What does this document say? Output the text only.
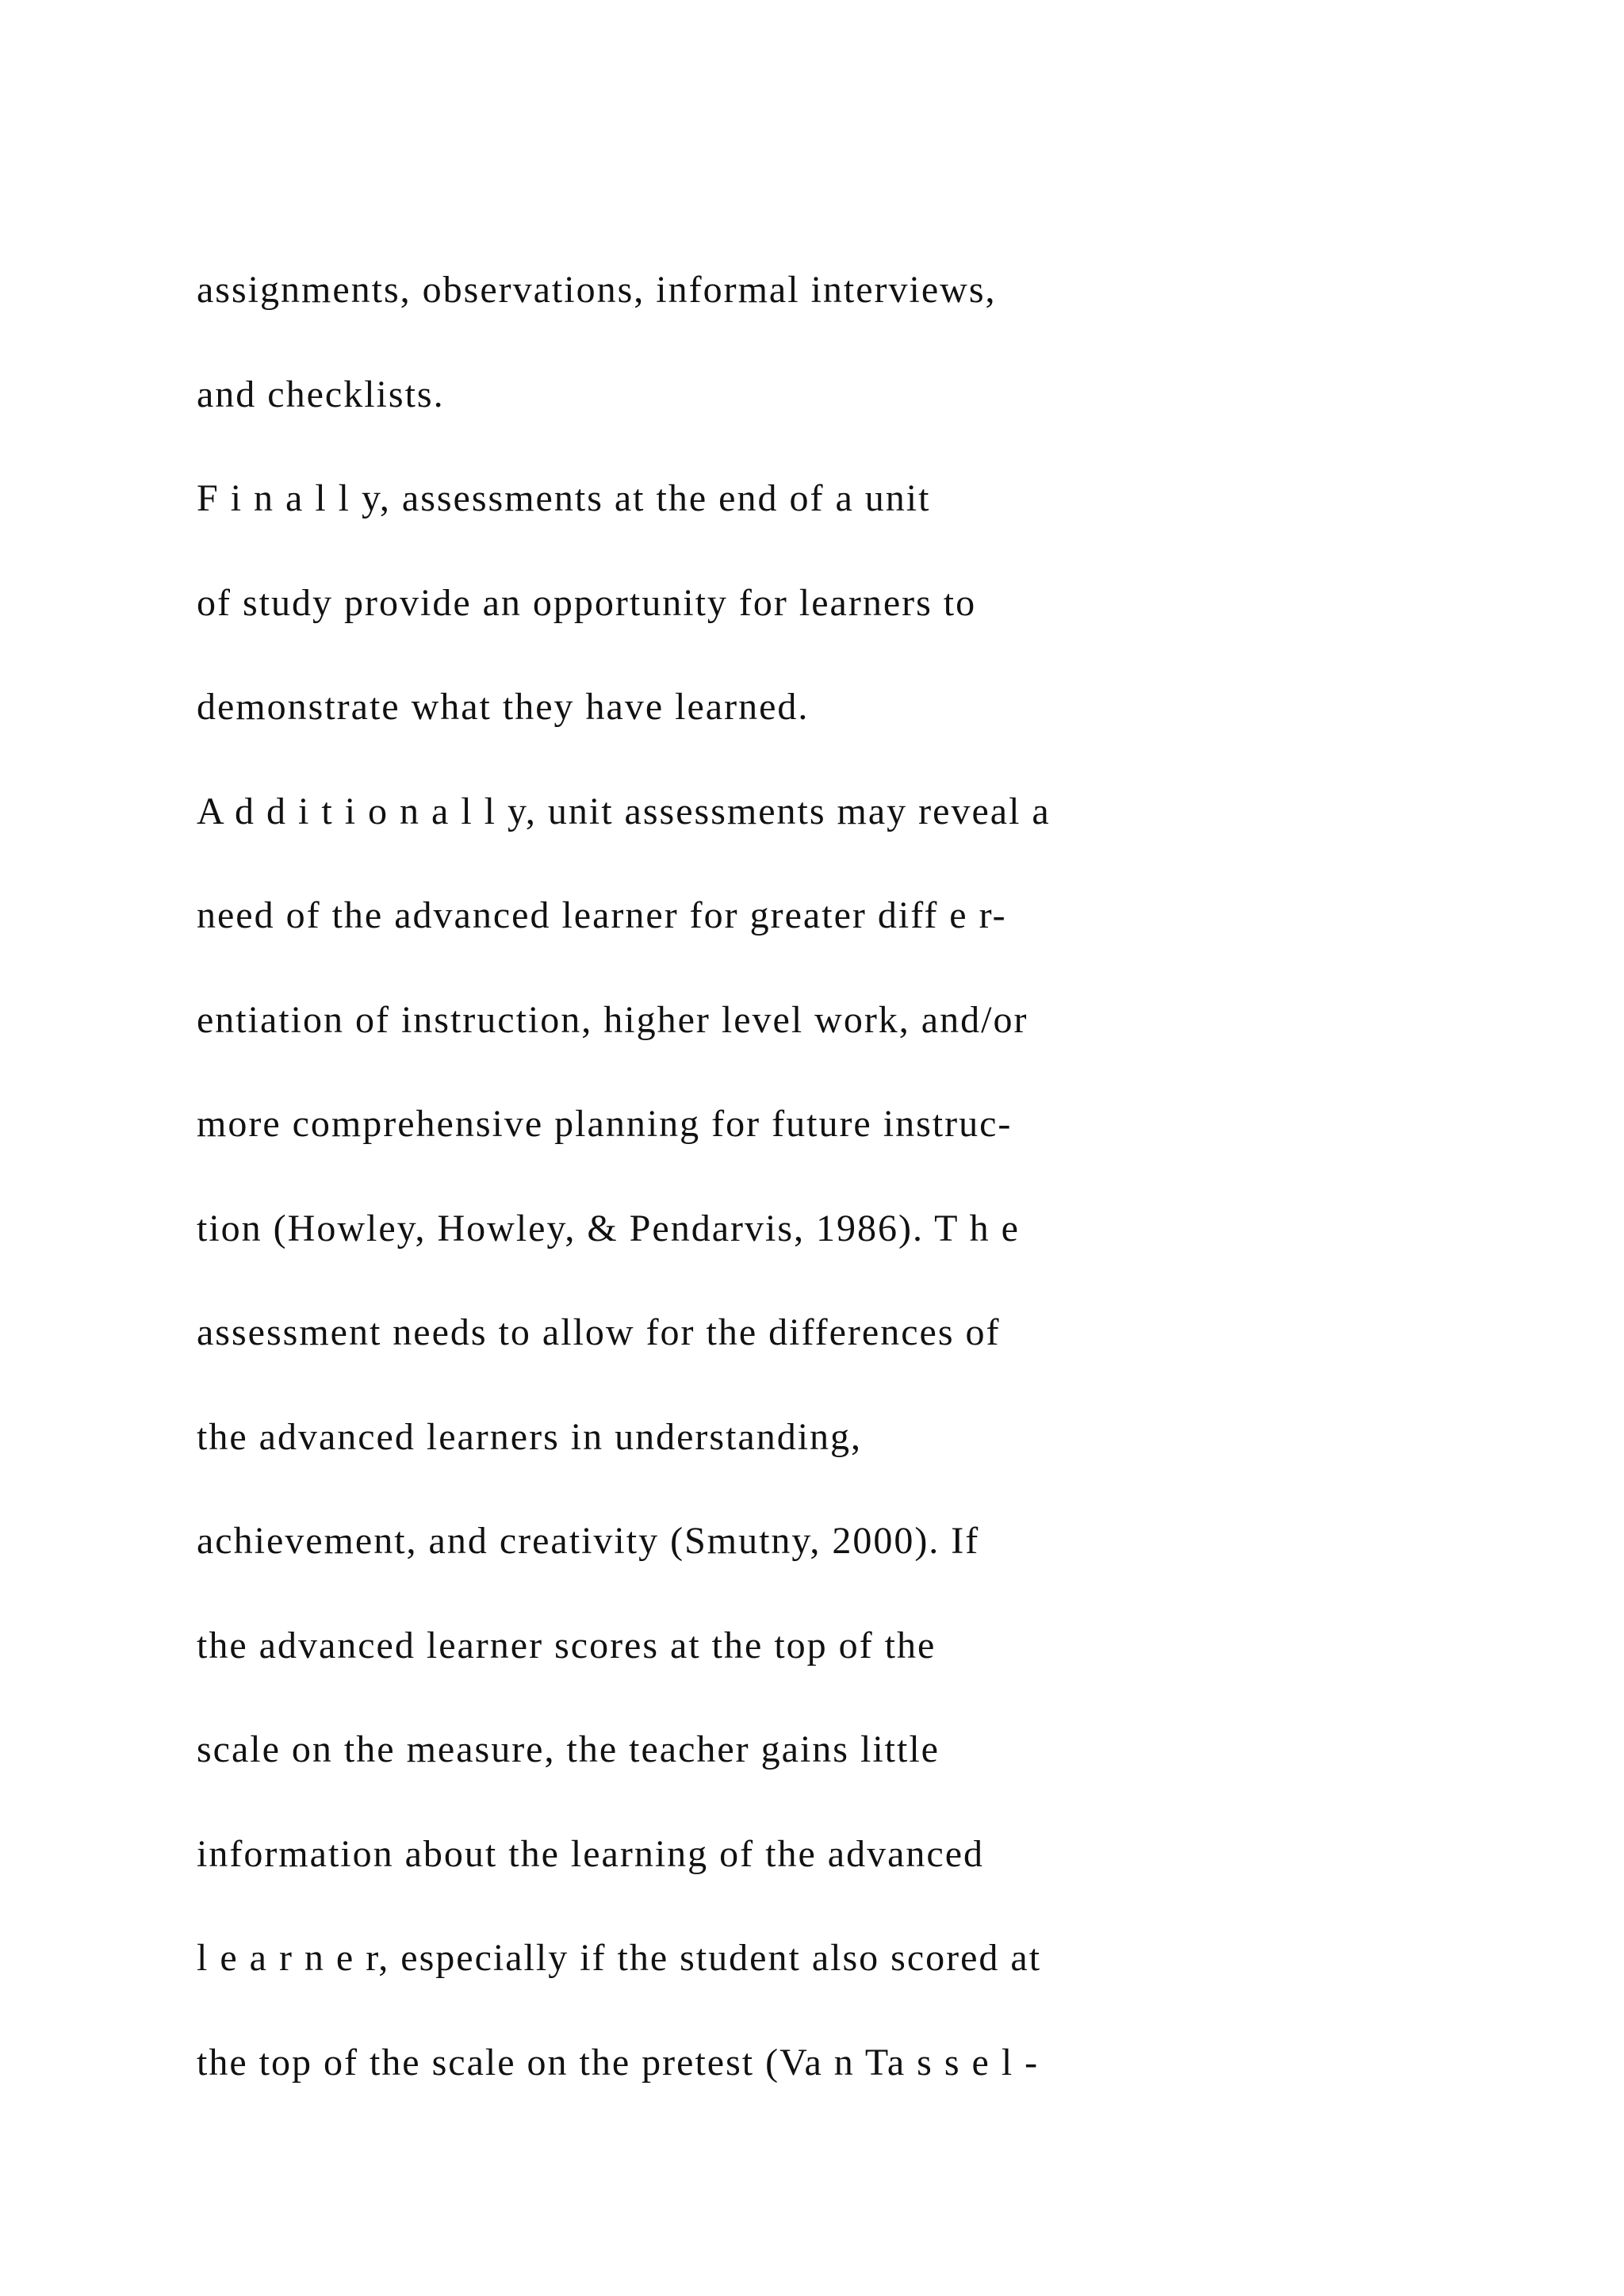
assignments, observations, informal interviews,
and checklists.
F i n a l l y, assessments at the end of a unit
of study provide an opportunity for learners to
demonstrate what they have learned.
A d d i t i o n a l l y, unit assessments may reveal a
need of the advanced learner for greater diff e r-
entiation of instruction, higher level work, and/or
more comprehensive planning for future instruc-
tion (Howley, Howley, & Pendarvis, 1986). T h e
assessment needs to allow for the differences of
the advanced learners in understanding,
achievement, and creativity (Smutny, 2000). If
the advanced learner scores at the top of the
scale on the measure, the teacher gains little
information about the learning of the advanced
l e a r n e r, especially if the student also scored at
the top of the scale on the pretest (Va n Ta s s e l -
